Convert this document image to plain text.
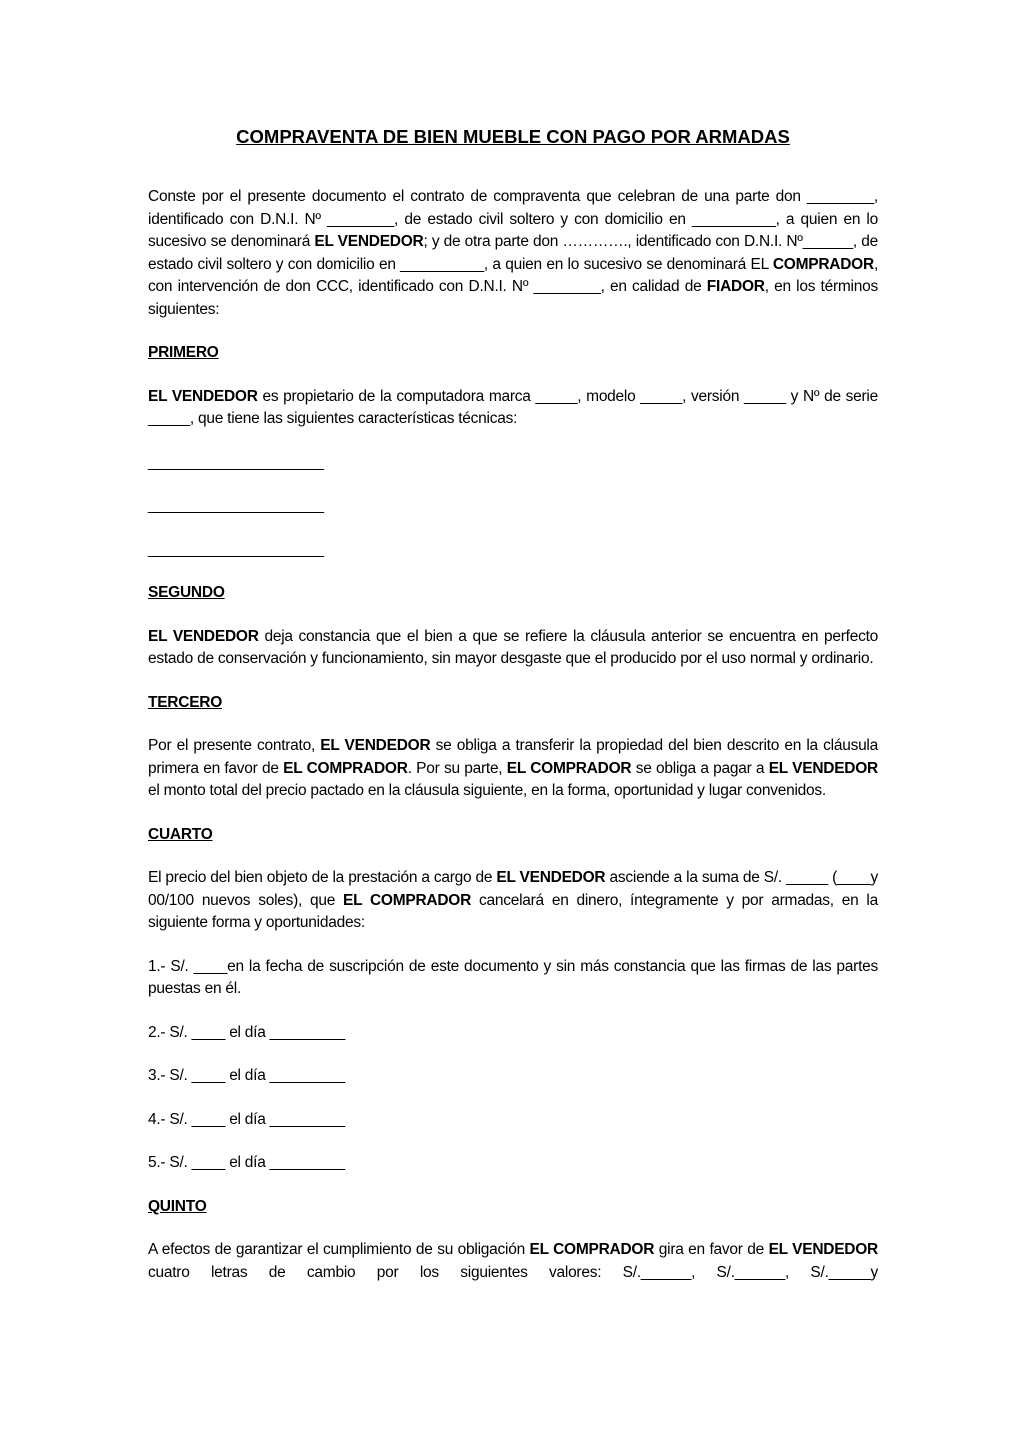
COMPRAVENTA DE BIEN MUEBLE CON PAGO POR ARMADAS

Conste por el presente documento el contrato de compraventa que celebran de una parte don ________, identificado con D.N.I. Nº ________, de estado civil soltero y con domicilio en __________, a quien en lo sucesivo se denominará EL VENDEDOR; y de otra parte don …………., identificado con D.N.I. Nº______, de estado civil soltero y con domicilio en __________, a quien en lo sucesivo se denominará EL COMPRADOR, con intervención de don CCC, identificado con D.N.I. Nº ________, en calidad de FIADOR, en los términos siguientes:

PRIMERO

EL VENDEDOR es propietario de la computadora marca _____, modelo _____, versión _____ y Nº de serie _____, que tiene las siguientes características técnicas:

_____________________

_____________________

_____________________

SEGUNDO

EL VENDEDOR deja constancia que el bien a que se refiere la cláusula anterior se encuentra en perfecto estado de conservación y funcionamiento, sin mayor desgaste que el producido por el uso normal y ordinario.

TERCERO

Por el presente contrato, EL VENDEDOR se obliga a transferir la propiedad del bien descrito en la cláusula primera en favor de EL COMPRADOR. Por su parte, EL COMPRADOR se obliga a pagar a EL VENDEDOR el monto total del precio pactado en la cláusula siguiente, en la forma, oportunidad y lugar convenidos.

CUARTO

El precio del bien objeto de la prestación a cargo de EL VENDEDOR asciende a la suma de S/. _____ (____y 00/100 nuevos soles), que EL COMPRADOR cancelará en dinero, íntegramente y por armadas, en la siguiente forma y oportunidades:

1.- S/. ____en la fecha de suscripción de este documento y sin más constancia que las firmas de las partes puestas en él.

2.- S/. ____ el día _________

3.- S/. ____ el día _________

4.- S/. ____ el día _________

5.- S/. ____ el día _________

QUINTO

A efectos de garantizar el cumplimiento de su obligación EL COMPRADOR gira en favor de EL VENDEDOR cuatro letras de cambio por los siguientes valores: S/.______, S/.______, S/._____y
